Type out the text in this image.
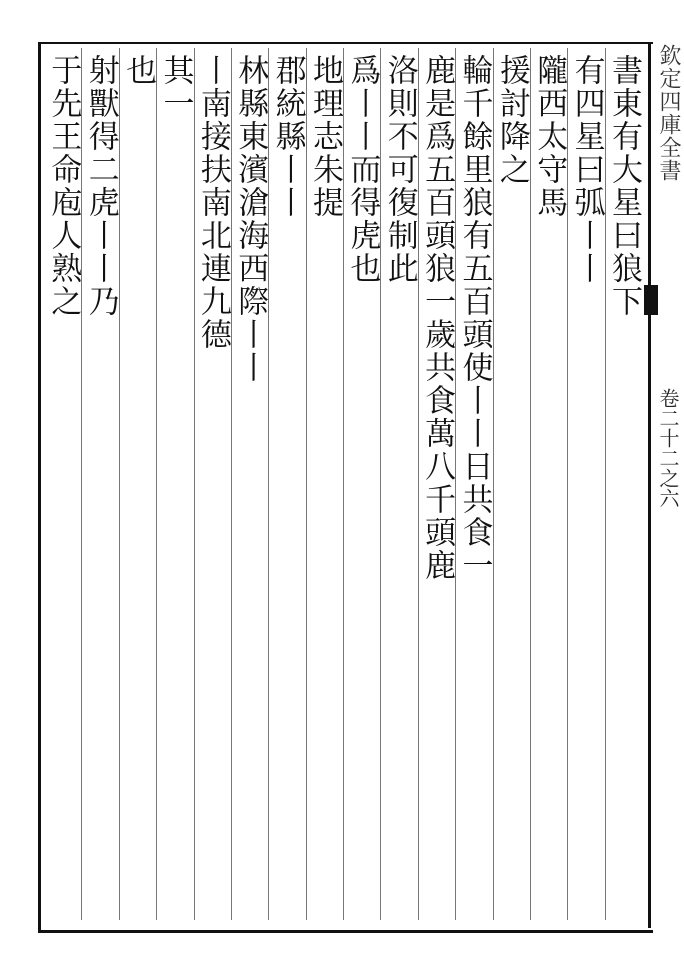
欽定四庫全書
卷二十二之六
書東有大星曰狼下
有四星曰弧丨丨
隴西太守馬
援討降之
輪千餘里狼有五百頭使丨丨日共食一
鹿是爲五百頭狼一歲共食萬八千頭鹿
洛則不可復制此
爲丨丨而得虎也
地理志朱提
郡統縣丨丨
林縣東濱滄海西際丨丨
丨南接扶南北連九德
其一
也
射獸得二虎丨丨乃
于先王命庖人熟之
